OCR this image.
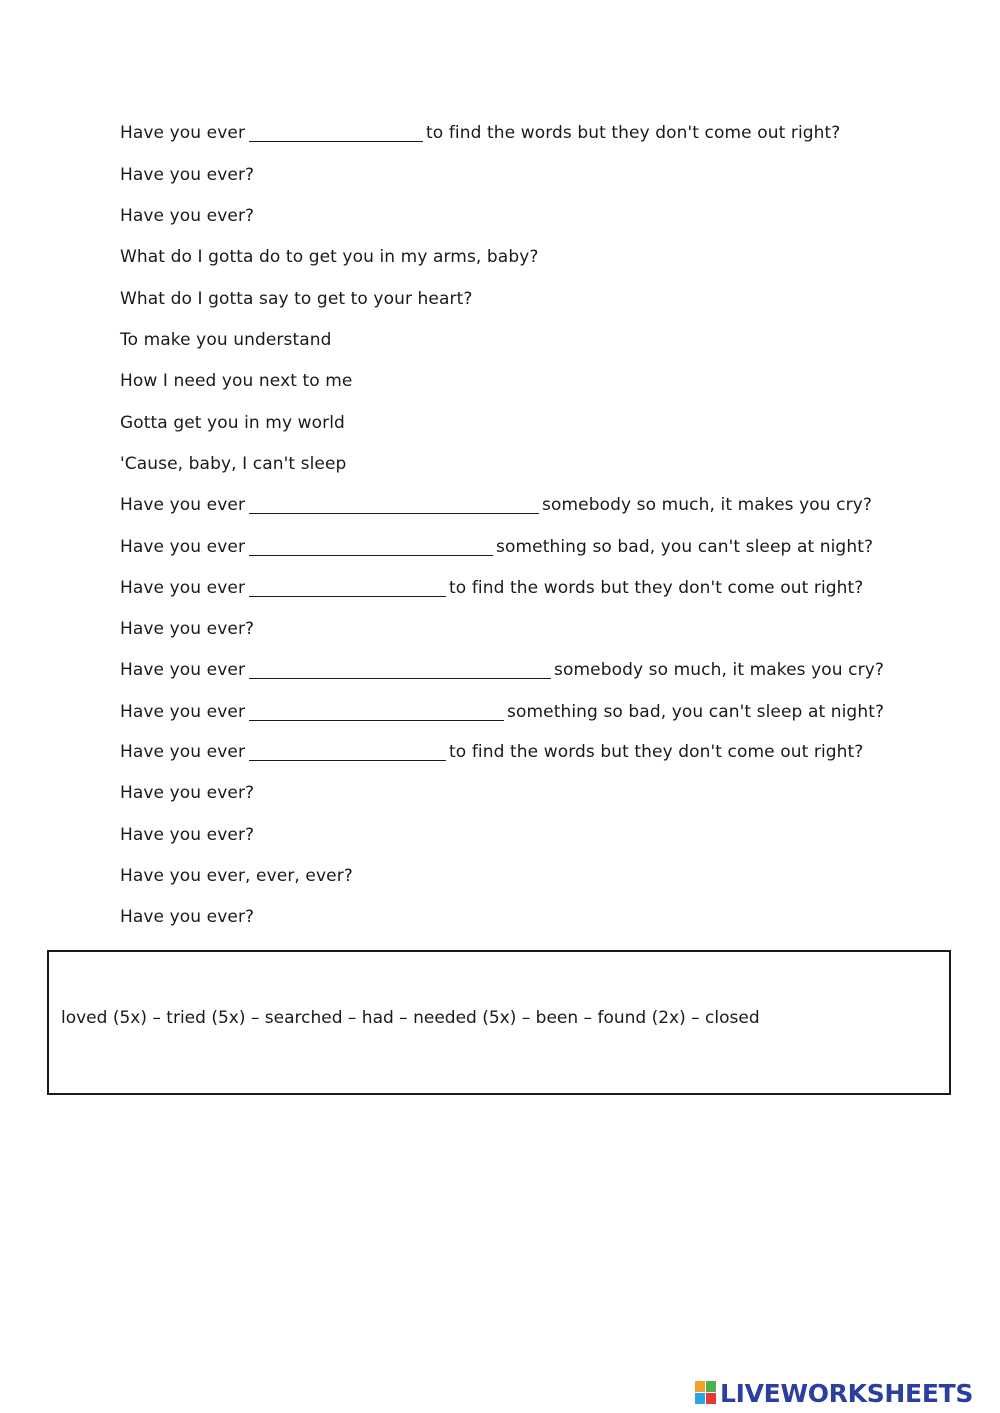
Have you ever	to find the words but they don't come out right?
Have you ever?
Have you ever?
What do I gotta do to get you in my arms, baby?
What do I gotta say to get to your heart?
To make you understand
How I need you next to me
Gotta get you in my world
'Cause, baby, I can't sleep
Have you ever	somebody so much, it makes you cry?
Have you ever	something so bad, you can't sleep at night?
Have you ever	to find the words but they don't come out right?
Have you ever?
Have you ever	somebody so much, it makes you cry?
Have you ever	something so bad, you can't sleep at night?
Have you ever	to find the words but they don't come out right?
Have you ever?
Have you ever?
Have you ever, ever, ever?
Have you ever?
loved (5x) – tried (5x) – searched – had – needed (5x) – been – found (2x) – closed
LIVEWORKSHEETS
